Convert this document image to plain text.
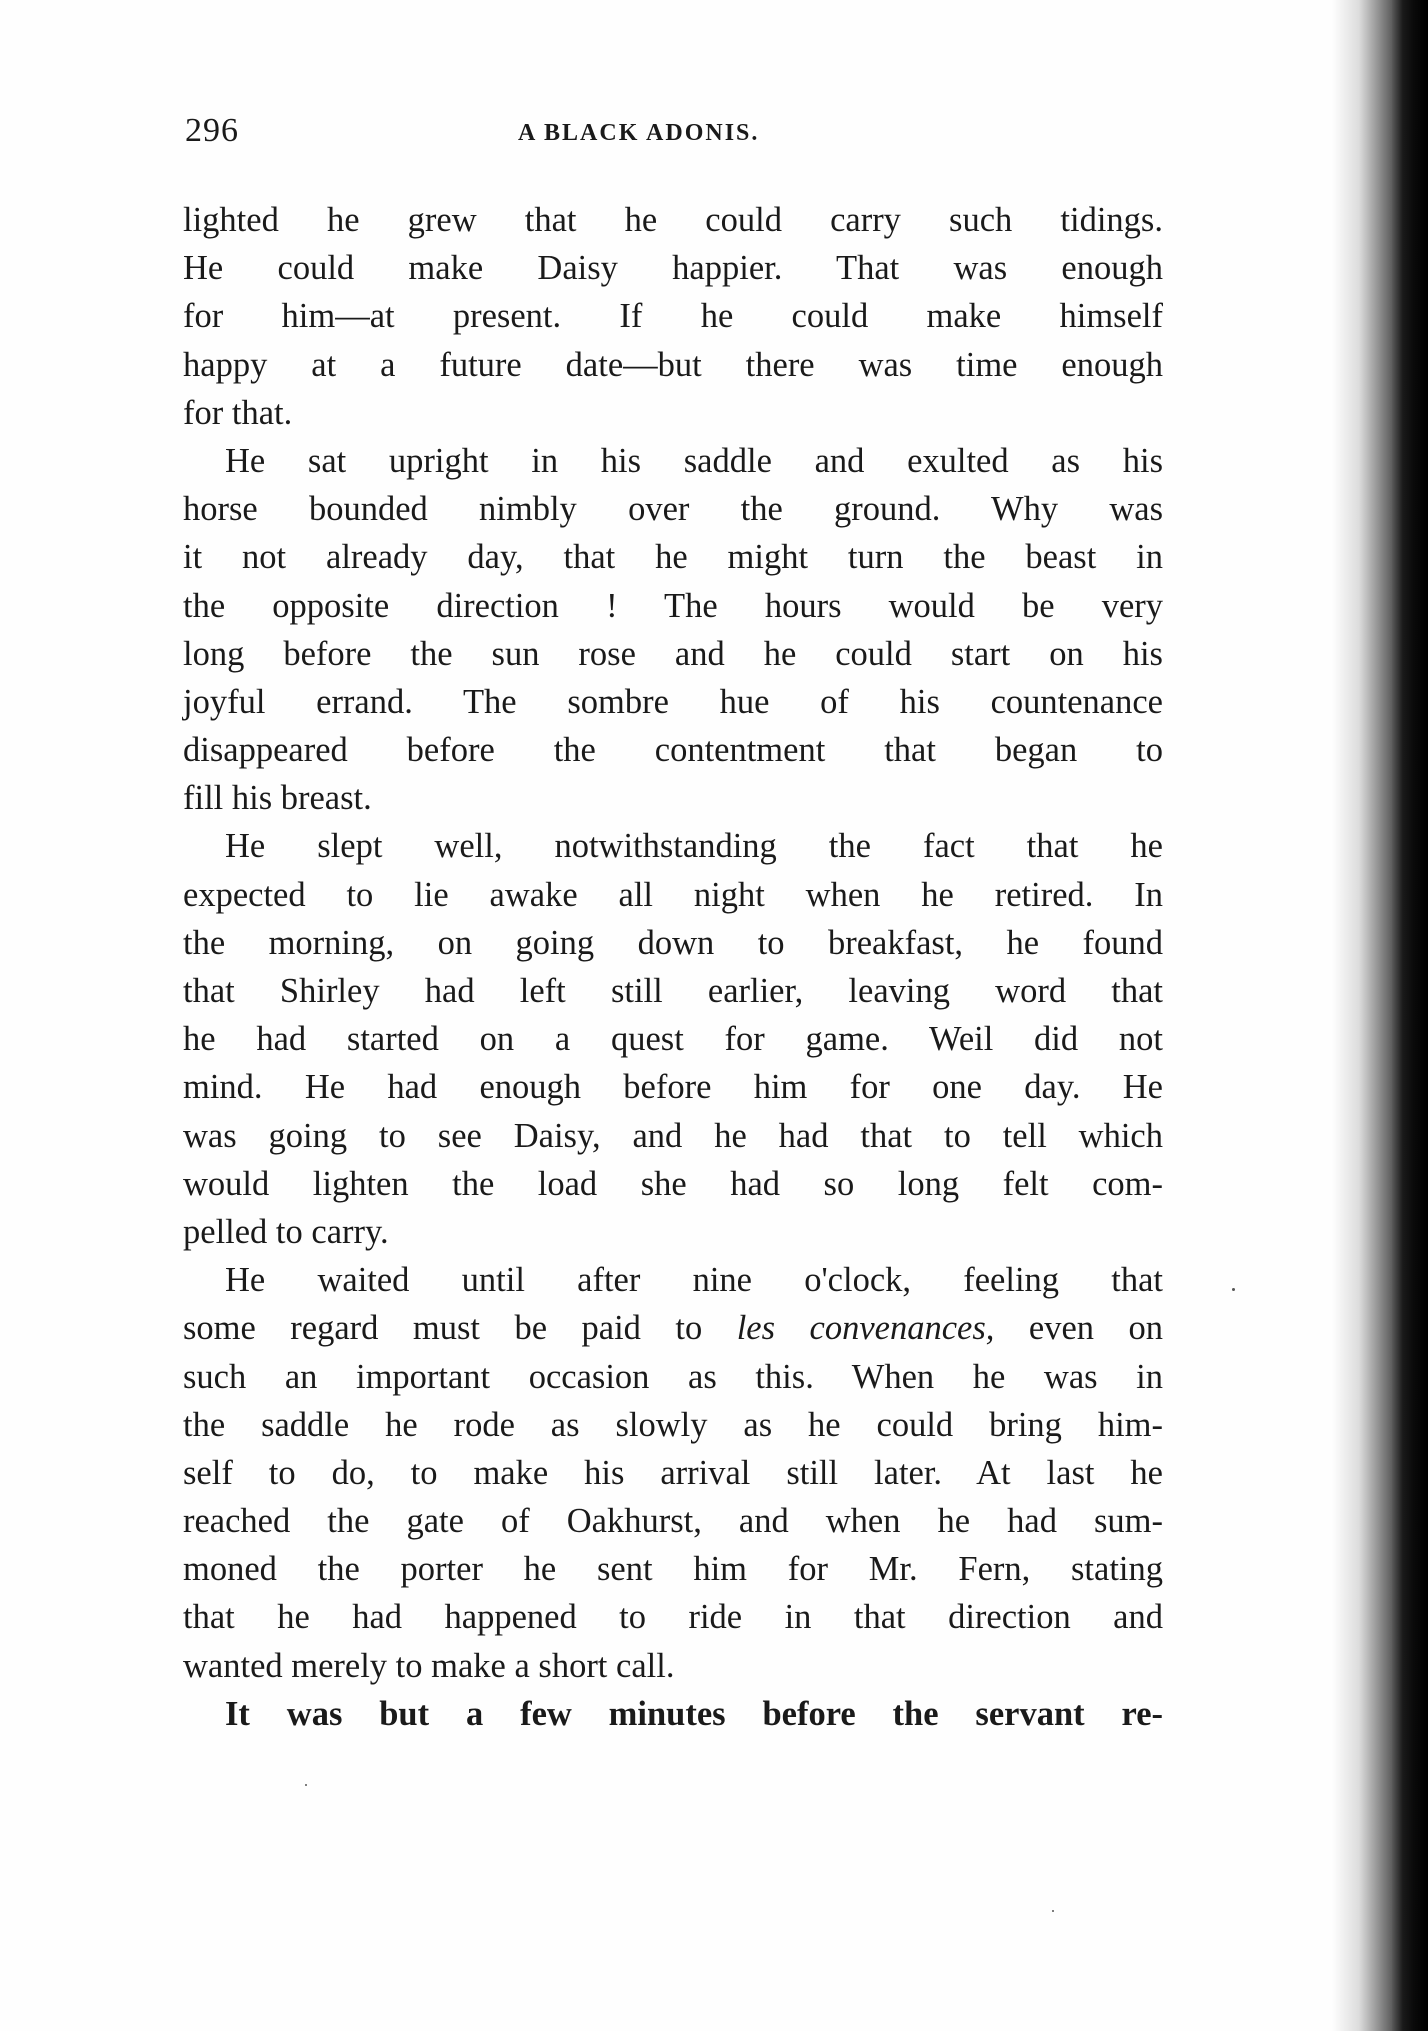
296	A BLACK ADONIS.
lighted he grew that he could carry such tidings.
He could make Daisy happier. That was enough
for him—at present. If he could make himself
happy at a future date—but there was time enough
for that.
He sat upright in his saddle and exulted as his
horse bounded nimbly over the ground. Why was
it not already day, that he might turn the beast in
the opposite direction ! The hours would be very
long before the sun rose and he could start on his
joyful errand. The sombre hue of his countenance
disappeared before the contentment that began to
fill his breast.
He slept well, notwithstanding the fact that he
expected to lie awake all night when he retired. In
the morning, on going down to breakfast, he found
that Shirley had left still earlier, leaving word that
he had started on a quest for game. Weil did not
mind. He had enough before him for one day. He
was going to see Daisy, and he had that to tell which
would lighten the load she had so long felt com-
pelled to carry.
He waited until after nine o'clock, feeling that
some regard must be paid to les convenances, even on
such an important occasion as this. When he was in
the saddle he rode as slowly as he could bring him-
self to do, to make his arrival still later. At last he
reached the gate of Oakhurst, and when he had sum-
moned the porter he sent him for Mr. Fern, stating
that he had happened to ride in that direction and
wanted merely to make a short call.
It was but a few minutes before the servant re-
